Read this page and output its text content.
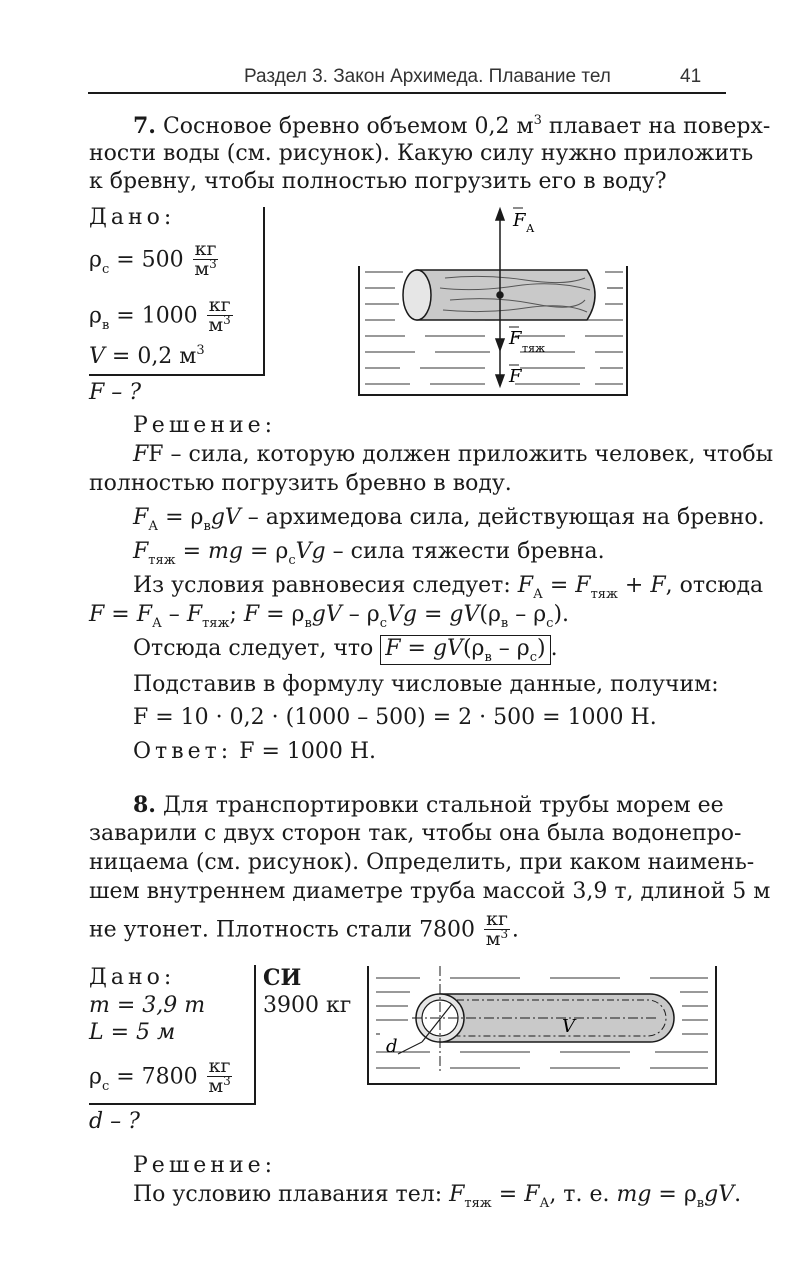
Раздел 3. Закон Архимеда. Плавание тел	41
7. Сосновое бревно объемом 0,2 $м^3$ плавает на поверх-
ности воды (см. рисунок). Какую силу нужно приложить
к бревну, чтобы полностью погрузить его в воду?
Дано:
$\rho_с = 500 \frac{кг}{м^3}$
$\rho_в = 1000 \frac{кг}{м^3}$
V = 0,2 $м^3$
F – ?
F А
F тяж
F
Решение:
FF – сила, которую должен приложить человек, чтобы
полностью погрузить бревно в воду.
$F_А = \rho_вgV$ – архимедова сила, действующая на бревно.
$F_{тяж}$ = mg = $\rho_сVg$ – сила тяжести бревна.
Из условия равновесия следует: $F_А = F_{тяж} + F$, отсюда
$F = F_А - F_{тяж}$; $F = \rho_вgV - \rho_сVg = gV(\rho_в - \rho_с)$.
Отсюда следует, что $F = gV(\rho_в - \rho_с)$ .
Подставив в формулу числовые данные, получим:
F = 10 · 0,2 · (1000 – 500) = 2 · 500 = 1000 Н.
Ответ: F = 1000 Н.
8. Для транспортировки стальной трубы морем ее
заварили с двух сторон так, чтобы она была водонепро-
ницаема (см. рисунок). Определить, при каком наимень-
шем внутреннем диаметре труба массой 3,9 т, длиной 5 м
не утонет. Плотность стали $7800 \frac{кг}{м^3}$ .
Дано:
m = 3,9 т
L = 5 м
$\rho_с = 7800 \frac{кг}{м^3}$
d – ?
СИ
3900 кг
d
V
Решение:
По условию плавания тел: $F_{тяж} = F_А$, т. е. mg = $\rho_вgV$.
